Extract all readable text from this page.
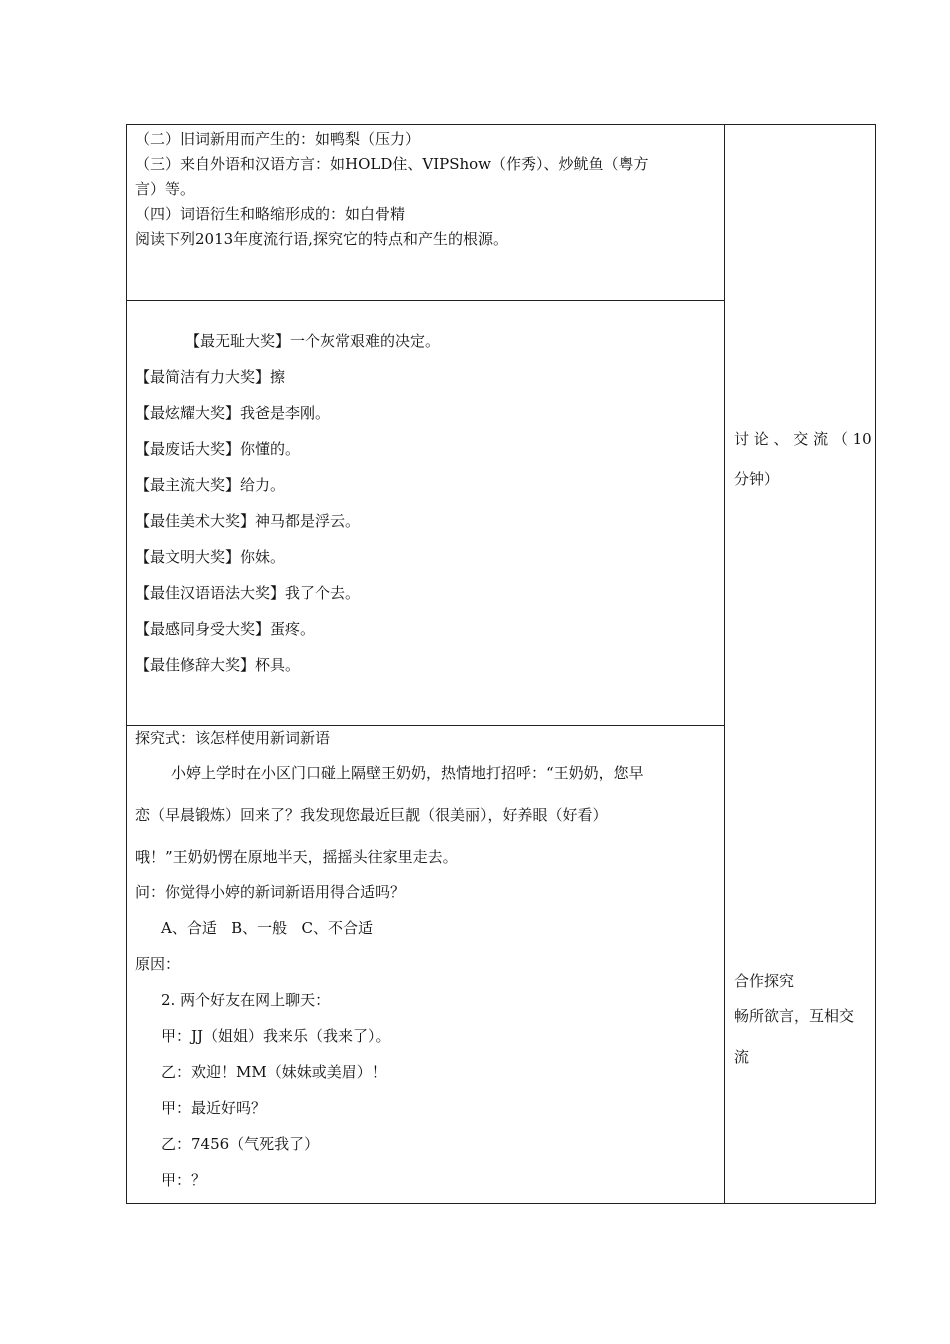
（二）旧词新用而产生的：如鸭梨（压力）
（三）来自外语和汉语方言：如HOLD住、VIPShow（作秀）、炒鱿鱼（粤方
言）等。
（四）词语衍生和略缩形成的：如白骨精
阅读下列2013年度流行语,探究它的特点和产生的根源。
【最无耻大奖】一个灰常艰难的决定。
【最简洁有力大奖】擦
【最炫耀大奖】我爸是李刚。
【最废话大奖】你懂的。
【最主流大奖】给力。
【最佳美术大奖】神马都是浮云。
【最文明大奖】你妹。
【最佳汉语语法大奖】我了个去。
【最感同身受大奖】蛋疼。
【最佳修辞大奖】杯具。
探究式：该怎样使用新词新语
小婷上学时在小区门口碰上隔壁王奶奶，热情地打招呼：“王奶奶，您早
恋（早晨锻炼）回来了？我发现您最近巨靓（很美丽），好养眼（好看）
哦！”王奶奶愣在原地半天，摇摇头往家里走去。
问：你觉得小婷的新词新语用得合适吗？
A、合适   B、一般   C、不合适
原因：
2. 两个好友在网上聊天：
甲：JJ（姐姐）我来乐（我来了）。
乙：欢迎！MM（妹妹或美眉）！
甲：最近好吗？
乙：7456（气死我了）
甲：？
讨 论 、 交 流 （ 10
分钟）
合作探究
畅所欲言，互相交
流
